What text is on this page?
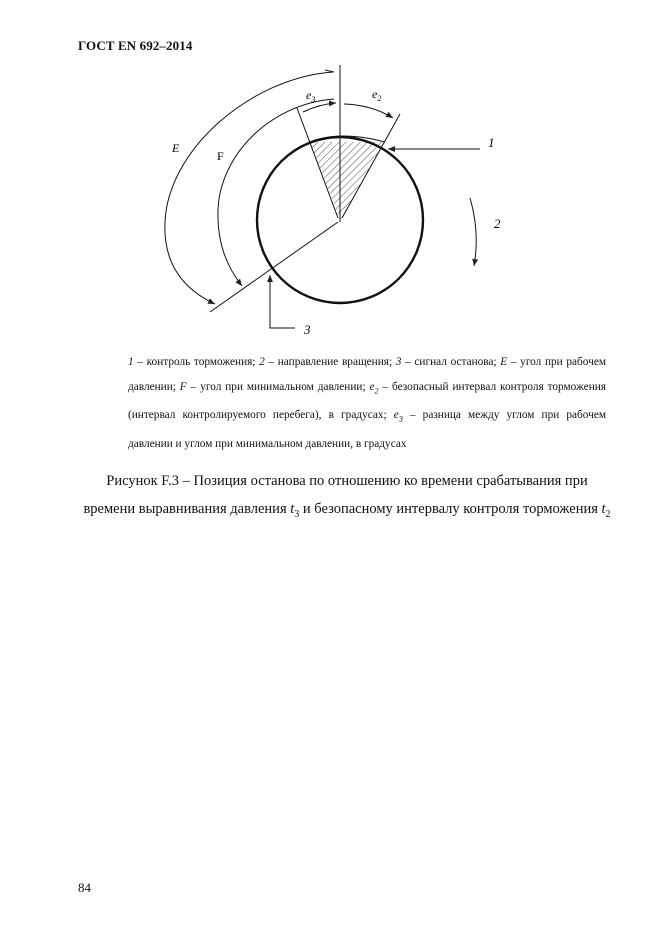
ГОСТ EN 692–2014
E
F
$e_3$	$e_2$
1
2
3
1 – контроль торможения; 2 – направление вращения; 3 – сигнал останова; E – угол при рабочем давлении; F – угол при минимальном давлении; $e_2$ – безопасный интервал контроля торможения (интервал контролируемого перебега), в градусах; $e_3$ – разница между углом при рабочем давлении и углом при минимальном давлении, в градусах
Рисунок F.3 – Позиция останова по отношению ко времени срабатывания при времени выравнивания давления $t_3$ и безопасному интервалу контроля торможения $t_2$
84
